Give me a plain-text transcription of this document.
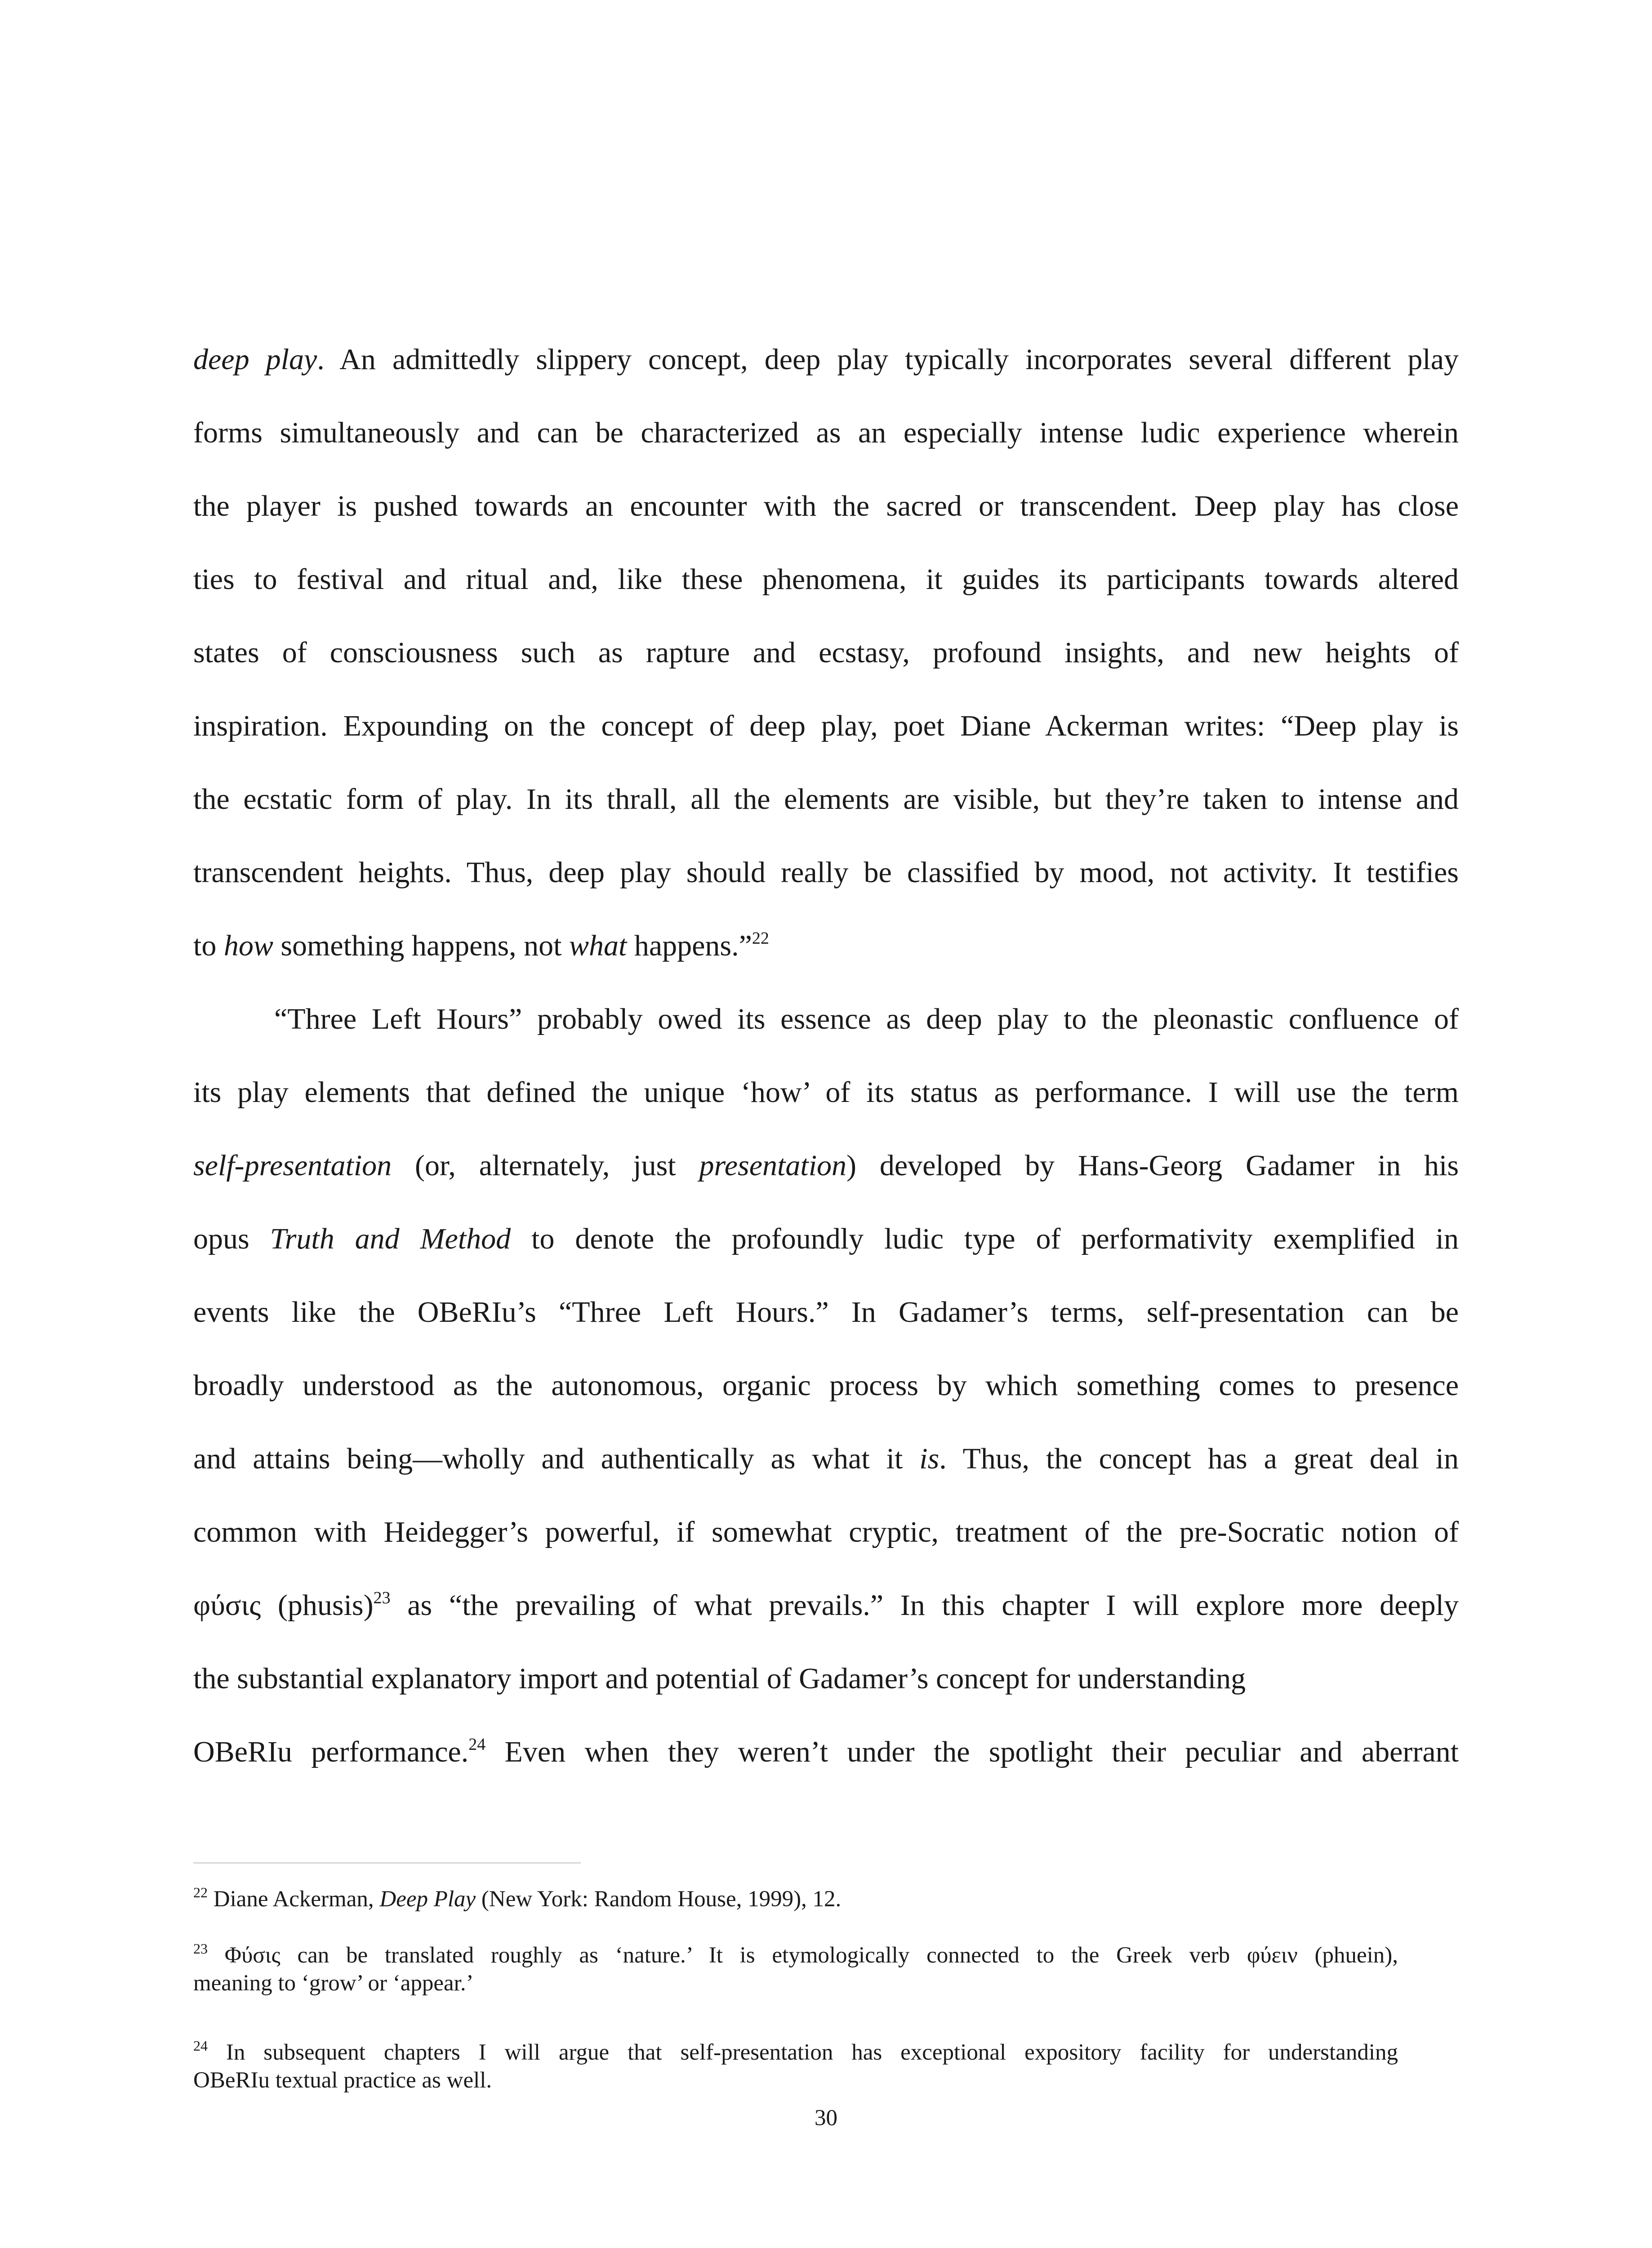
deep play. An admittedly slippery concept, deep play typically incorporates several different play
forms simultaneously and can be characterized as an especially intense ludic experience wherein
the player is pushed towards an encounter with the sacred or transcendent. Deep play has close
ties to festival and ritual and, like these phenomena, it guides its participants towards altered
states of consciousness such as rapture and ecstasy, profound insights, and new heights of
inspiration. Expounding on the concept of deep play, poet Diane Ackerman writes: “Deep play is
the ecstatic form of play. In its thrall, all the elements are visible, but they’re taken to intense and
transcendent heights. Thus, deep play should really be classified by mood, not activity. It testifies
to how something happens, not what happens.”$^{22}$
“Three Left Hours” probably owed its essence as deep play to the pleonastic confluence of
its play elements that defined the unique ‘how’ of its status as performance. I will use the term
self-presentation (or, alternately, just presentation) developed by Hans-Georg Gadamer in his
opus Truth and Method to denote the profoundly ludic type of performativity exemplified in
events like the OBeRIu’s “Three Left Hours.” In Gadamer’s terms, self-presentation can be
broadly understood as the autonomous, organic process by which something comes to presence
and attains being—wholly and authentically as what it is. Thus, the concept has a great deal in
common with Heidegger’s powerful, if somewhat cryptic, treatment of the pre-Socratic notion of
φύσις (phusis)$^{23}$ as “the prevailing of what prevails.” In this chapter I will explore more deeply
the substantial explanatory import and potential of Gadamer’s concept for understanding
OBeRIu performance.$^{24}$ Even when they weren’t under the spotlight their peculiar and aberrant
$^{22}$ Diane Ackerman, Deep Play (New York: Random House, 1999), 12.
$^{23}$ Φύσις can be translated roughly as ‘nature.’ It is etymologically connected to the Greek verb φύειν (phuein),
meaning to ‘grow’ or ‘appear.’
$^{24}$ In subsequent chapters I will argue that self-presentation has exceptional expository facility for understanding
OBeRIu textual practice as well.
30
